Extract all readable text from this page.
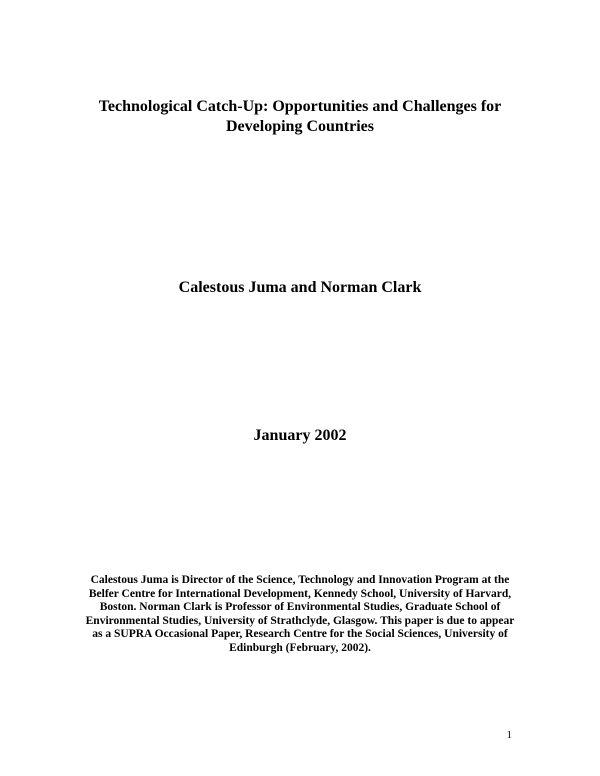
Technological Catch-Up: Opportunities and Challenges for Developing Countries
Calestous Juma and Norman Clark
January 2002
Calestous Juma is Director of the Science, Technology and Innovation Program at the Belfer Centre for International Development, Kennedy School, University of Harvard, Boston. Norman Clark is Professor of Environmental Studies, Graduate School of Environmental Studies, University of Strathclyde, Glasgow. This paper is due to appear as a SUPRA Occasional Paper, Research Centre for the Social Sciences, University of Edinburgh (February, 2002).
1
